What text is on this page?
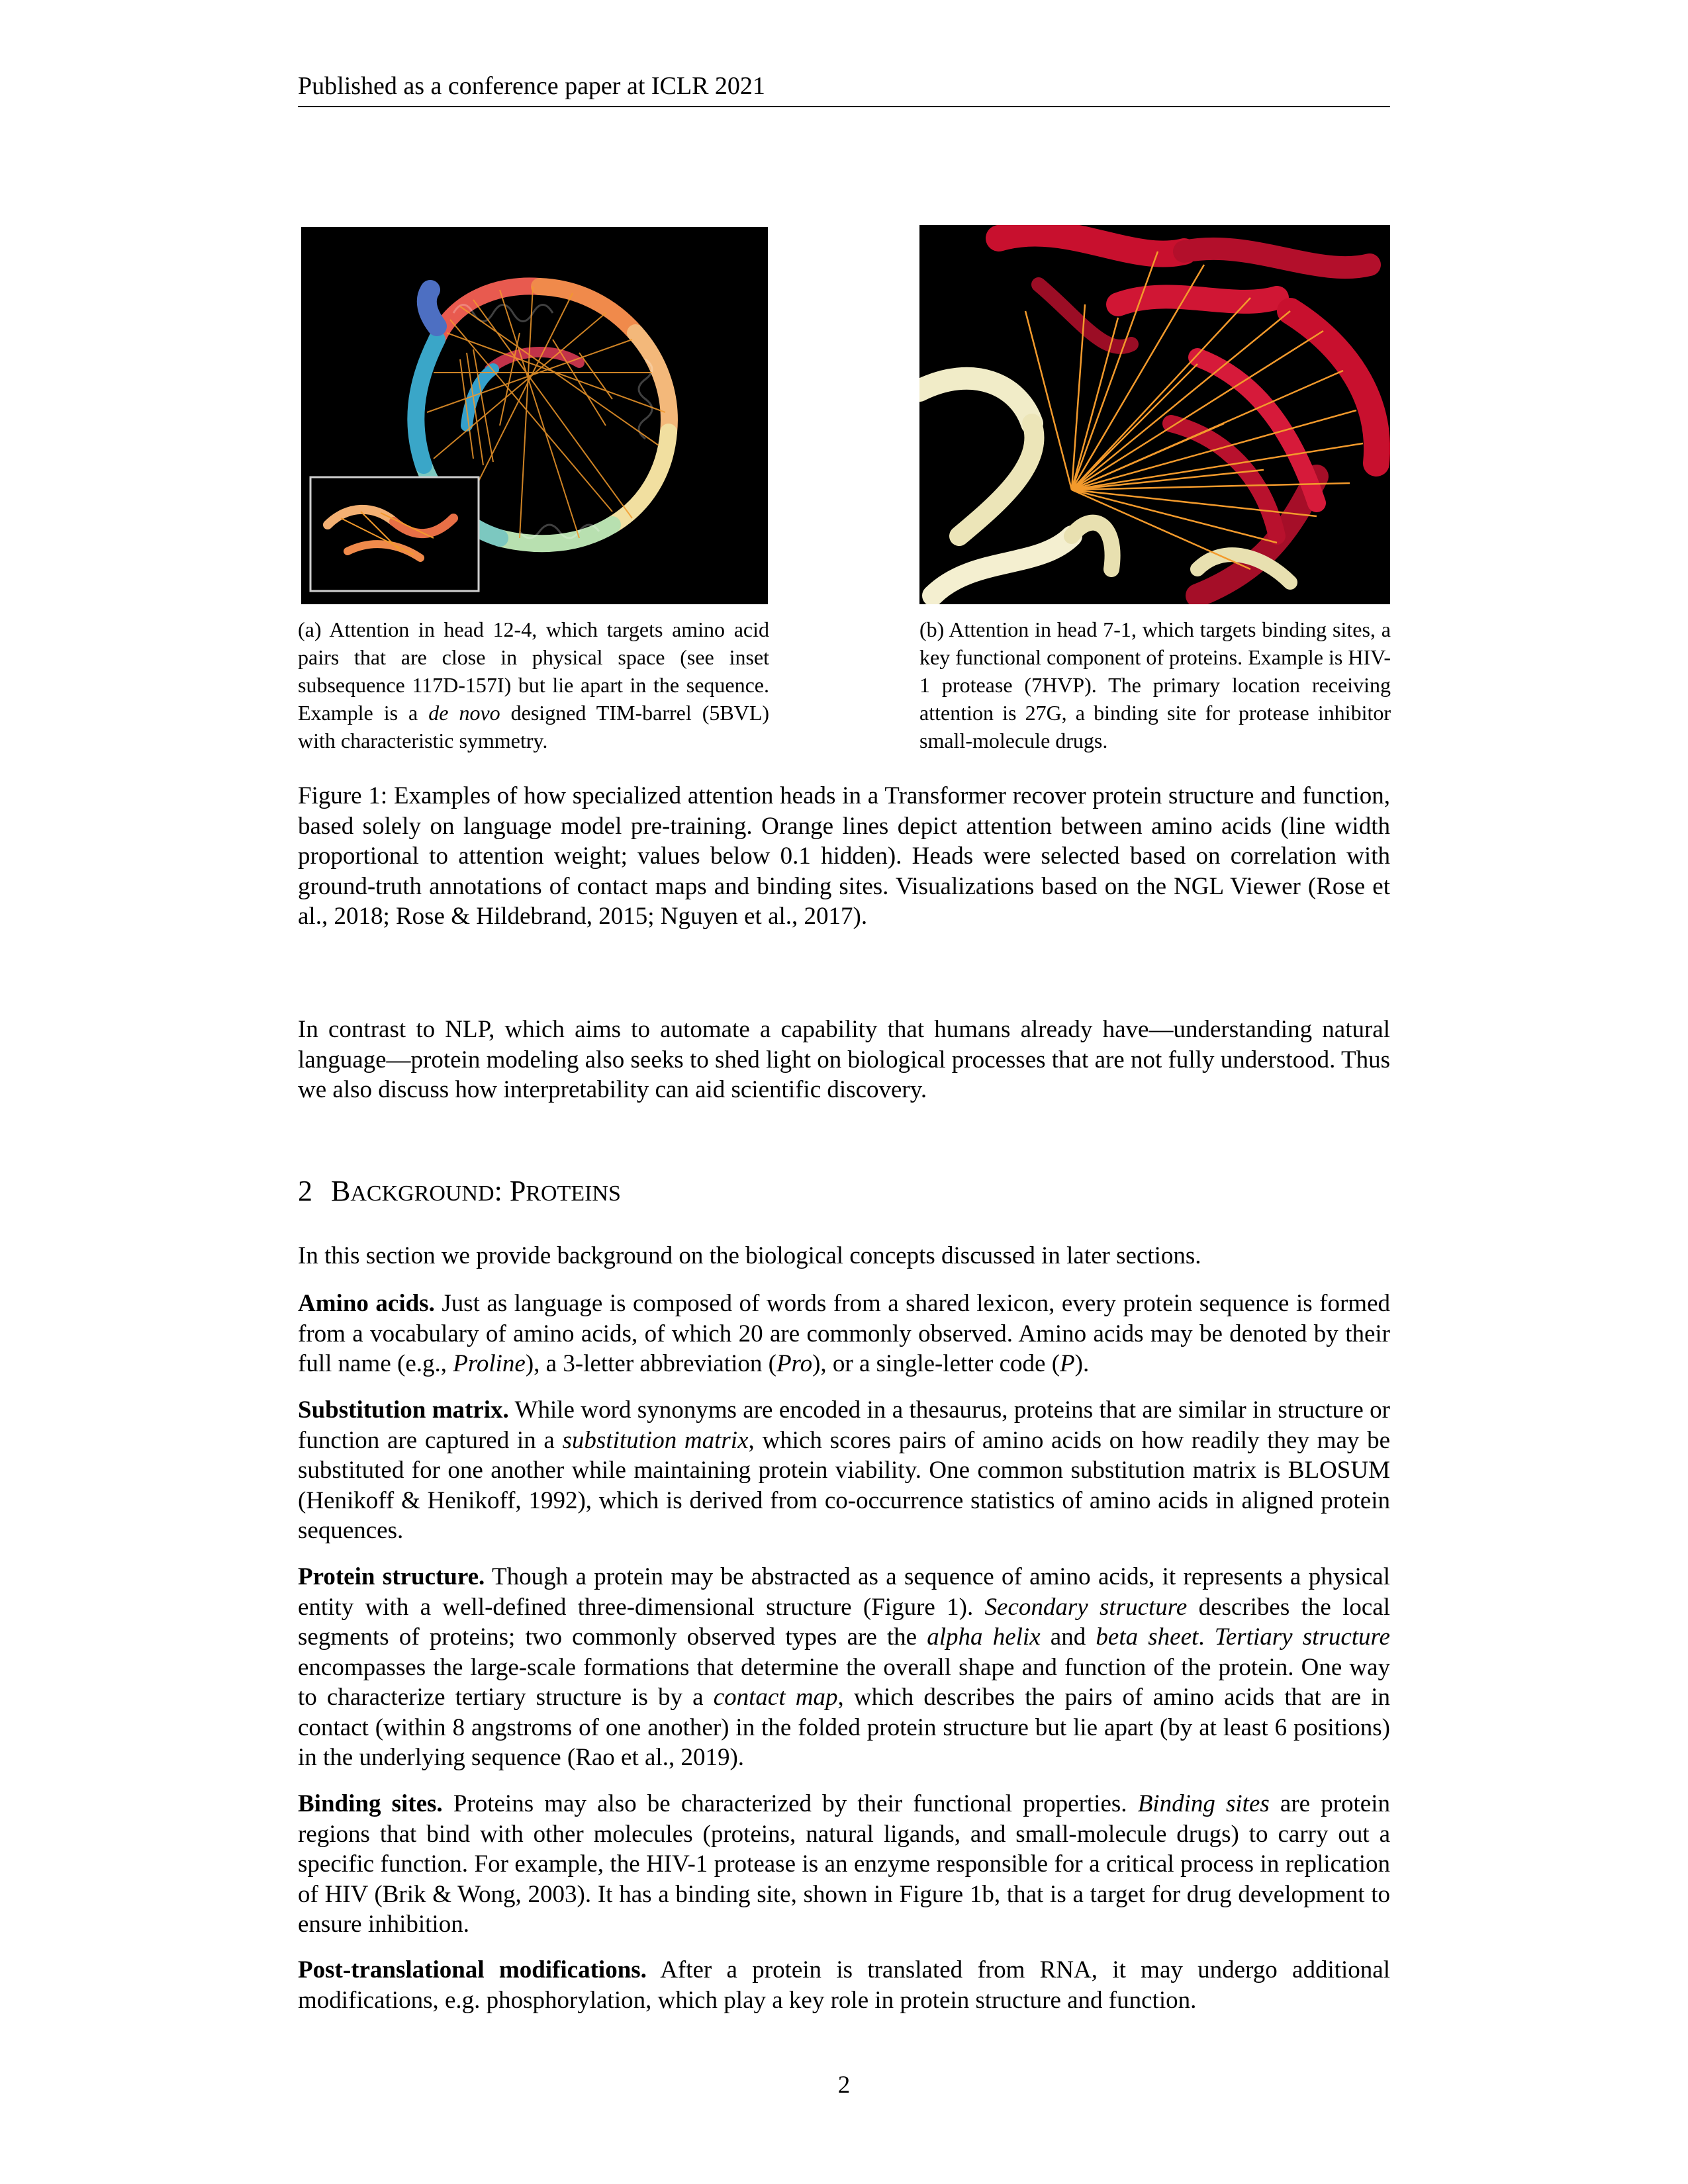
Published as a conference paper at ICLR 2021
(a) Attention in head 12-4, which targets amino acid pairs that are close in physical space (see inset subsequence 117D-157I) but lie apart in the sequence. Example is a de novo designed TIM-barrel (5BVL) with characteristic symmetry.
(b) Attention in head 7-1, which targets binding sites, a key functional component of proteins. Example is HIV-1 protease (7HVP). The primary location receiving attention is 27G, a binding site for protease inhibitor small-molecule drugs.
Figure 1: Examples of how specialized attention heads in a Transformer recover protein structure and function, based solely on language model pre-training. Orange lines depict attention between amino acids (line width proportional to attention weight; values below 0.1 hidden). Heads were selected based on correlation with ground-truth annotations of contact maps and binding sites. Visualizations based on the NGL Viewer (Rose et al., 2018; Rose & Hildebrand, 2015; Nguyen et al., 2017).
In contrast to NLP, which aims to automate a capability that humans already have—understanding natural language—protein modeling also seeks to shed light on biological processes that are not fully understood. Thus we also discuss how interpretability can aid scientific discovery.
2 BACKGROUND: PROTEINS
In this section we provide background on the biological concepts discussed in later sections.
Amino acids. Just as language is composed of words from a shared lexicon, every protein sequence is formed from a vocabulary of amino acids, of which 20 are commonly observed. Amino acids may be denoted by their full name (e.g., Proline), a 3-letter abbreviation (Pro), or a single-letter code (P).
Substitution matrix. While word synonyms are encoded in a thesaurus, proteins that are similar in structure or function are captured in a substitution matrix, which scores pairs of amino acids on how readily they may be substituted for one another while maintaining protein viability. One common substitution matrix is BLOSUM (Henikoff & Henikoff, 1992), which is derived from co-occurrence statistics of amino acids in aligned protein sequences.
Protein structure. Though a protein may be abstracted as a sequence of amino acids, it represents a physical entity with a well-defined three-dimensional structure (Figure 1). Secondary structure describes the local segments of proteins; two commonly observed types are the alpha helix and beta sheet. Tertiary structure encompasses the large-scale formations that determine the overall shape and function of the protein. One way to characterize tertiary structure is by a contact map, which describes the pairs of amino acids that are in contact (within 8 angstroms of one another) in the folded protein structure but lie apart (by at least 6 positions) in the underlying sequence (Rao et al., 2019).
Binding sites. Proteins may also be characterized by their functional properties. Binding sites are protein regions that bind with other molecules (proteins, natural ligands, and small-molecule drugs) to carry out a specific function. For example, the HIV-1 protease is an enzyme responsible for a critical process in replication of HIV (Brik & Wong, 2003). It has a binding site, shown in Figure 1b, that is a target for drug development to ensure inhibition.
Post-translational modifications. After a protein is translated from RNA, it may undergo additional modifications, e.g. phosphorylation, which play a key role in protein structure and function.
2
